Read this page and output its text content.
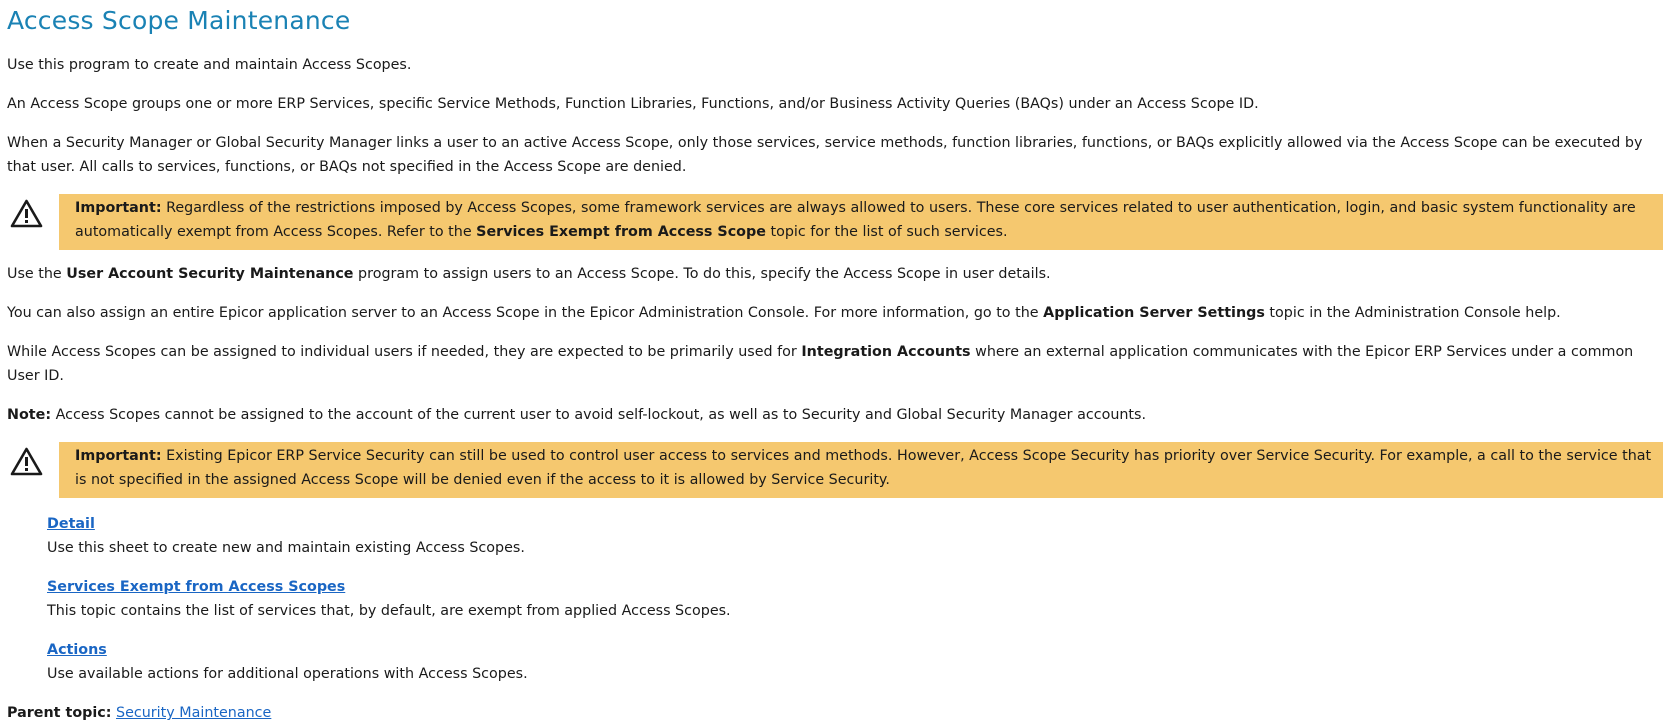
Access Scope Maintenance

Use this program to create and maintain Access Scopes.

An Access Scope groups one or more ERP Services, specific Service Methods, Function Libraries, Functions, and/or Business Activity Queries (BAQs) under an Access Scope ID.

When a Security Manager or Global Security Manager links a user to an active Access Scope, only those services, service methods, function libraries, functions, or BAQs explicitly allowed via the Access Scope can be executed by that user. All calls to services, functions, or BAQs not specified in the Access Scope are denied.

Important: Regardless of the restrictions imposed by Access Scopes, some framework services are always allowed to users. These core services related to user authentication, login, and basic system functionality are automatically exempt from Access Scopes. Refer to the Services Exempt from Access Scope topic for the list of such services.

Use the User Account Security Maintenance program to assign users to an Access Scope. To do this, specify the Access Scope in user details.

You can also assign an entire Epicor application server to an Access Scope in the Epicor Administration Console. For more information, go to the Application Server Settings topic in the Administration Console help.

While Access Scopes can be assigned to individual users if needed, they are expected to be primarily used for Integration Accounts where an external application communicates with the Epicor ERP Services under a common User ID.

Note: Access Scopes cannot be assigned to the account of the current user to avoid self-lockout, as well as to Security and Global Security Manager accounts.

Important: Existing Epicor ERP Service Security can still be used to control user access to services and methods. However, Access Scope Security has priority over Service Security. For example, a call to the service that is not specified in the assigned Access Scope will be denied even if the access to it is allowed by Service Security.
Detail

Use this sheet to create new and maintain existing Access Scopes.

Services Exempt from Access Scopes

This topic contains the list of services that, by default, are exempt from applied Access Scopes.

Actions

Use available actions for additional operations with Access Scopes.

Parent topic: Security Maintenance
